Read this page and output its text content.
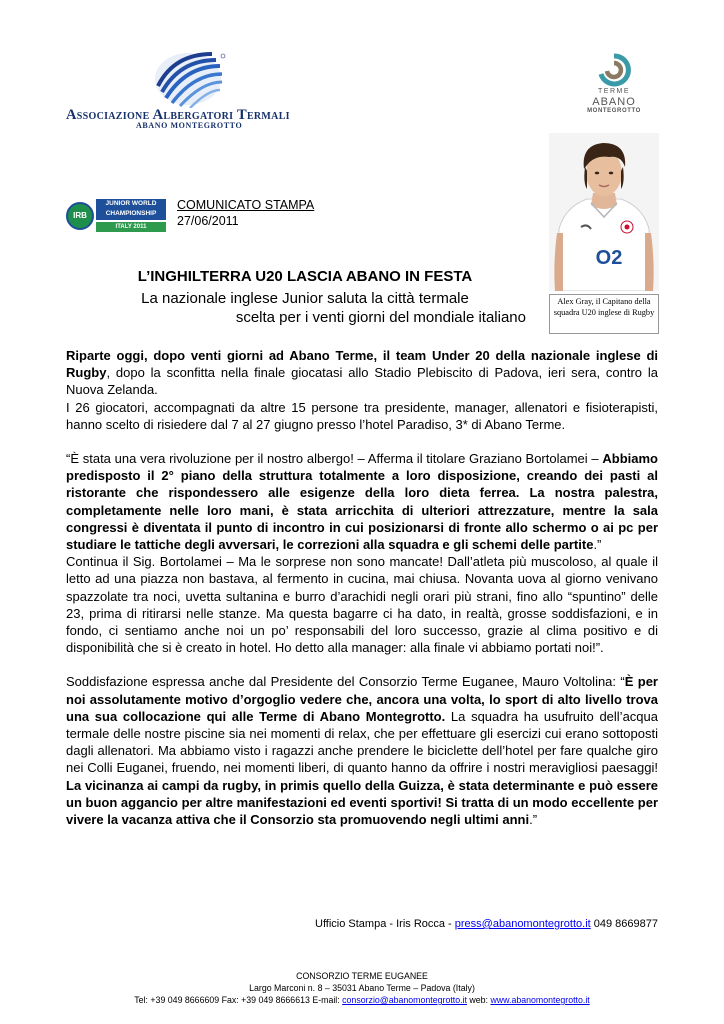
Associazione Albergatori Termali
ABANO MONTEGROTTO
TERME
ABANO
MONTEGROTTO
IRB
JUNIOR WORLD
CHAMPIONSHIP
ITALY 2011
COMUNICATO STAMPA
27/06/2011
O2
Alex Gray, il Capitano della squadra U20 inglese di Rugby
L’INGHILTERRA U20 LASCIA ABANO IN FESTA
La nazionale inglese Junior saluta la città termale
scelta per i venti giorni del mondiale italiano

Riparte oggi, dopo venti giorni ad Abano Terme, il team Under 20 della nazionale inglese di Rugby, dopo la sconfitta nella finale giocatasi allo Stadio Plebiscito di Padova, ieri sera, contro la Nuova Zelanda.

I 26 giocatori, accompagnati da altre 15 persone tra presidente, manager, allenatori e fisioterapisti, hanno scelto di risiedere dal 7 al 27 giugno presso l’hotel Paradiso, 3* di Abano Terme.

“È stata una vera rivoluzione per il nostro albergo! – Afferma il titolare Graziano Bortolamei – Abbiamo predisposto il 2° piano della struttura totalmente a loro disposizione, creando dei pasti al ristorante che rispondessero alle esigenze della loro dieta ferrea. La nostra palestra, completamente nelle loro mani, è stata arricchita di ulteriori attrezzature, mentre la sala congressi è diventata il punto di incontro in cui posizionarsi di fronte allo schermo o ai pc per studiare le tattiche degli avversari, le correzioni alla squadra e gli schemi delle partite.”

Continua il Sig. Bortolamei – Ma le sorprese non sono mancate! Dall’atleta più muscoloso, al quale il letto ad una piazza non bastava, al fermento in cucina, mai chiusa. Novanta uova al giorno venivano spazzolate tra noci, uvetta sultanina e burro d’arachidi negli orari più strani, fino allo “spuntino” delle 23, prima di ritirarsi nelle stanze. Ma questa bagarre ci ha dato, in realtà, grosse soddisfazioni, e in fondo, ci sentiamo anche noi un po’ responsabili del loro successo, grazie al clima positivo e di disponibilità che si è creato in hotel. Ho detto alla manager: alla finale vi abbiamo portati noi!”.

Soddisfazione espressa anche dal Presidente del Consorzio Terme Euganee, Mauro Voltolina: “È per noi assolutamente motivo d’orgoglio vedere che, ancora una volta, lo sport di alto livello trova una sua collocazione qui alle Terme di Abano Montegrotto. La squadra ha usufruito dell’acqua termale delle nostre piscine sia nei momenti di relax, che per effettuare gli esercizi cui erano sottoposti dagli allenatori. Ma abbiamo visto i ragazzi anche prendere le biciclette dell’hotel per fare qualche giro nei Colli Euganei, fruendo, nei momenti liberi, di quanto hanno da offrire i nostri meravigliosi paesaggi! La vicinanza ai campi da rugby, in primis quello della Guizza, è stata determinante e può essere un buon aggancio per altre manifestazioni ed eventi sportivi! Si tratta di un modo eccellente per vivere la vacanza attiva che il Consorzio sta promuovendo negli ultimi anni.”

Ufficio Stampa - Iris Rocca - press@abanomontegrotto.it 049 8669877
CONSORZIO TERME EUGANEE
Largo Marconi n. 8 – 35031 Abano Terme – Padova (Italy)
Tel: +39 049 8666609 Fax: +39 049 8666613 E-mail: consorzio@abanomontegrotto.it web: www.abanomontegrotto.it
